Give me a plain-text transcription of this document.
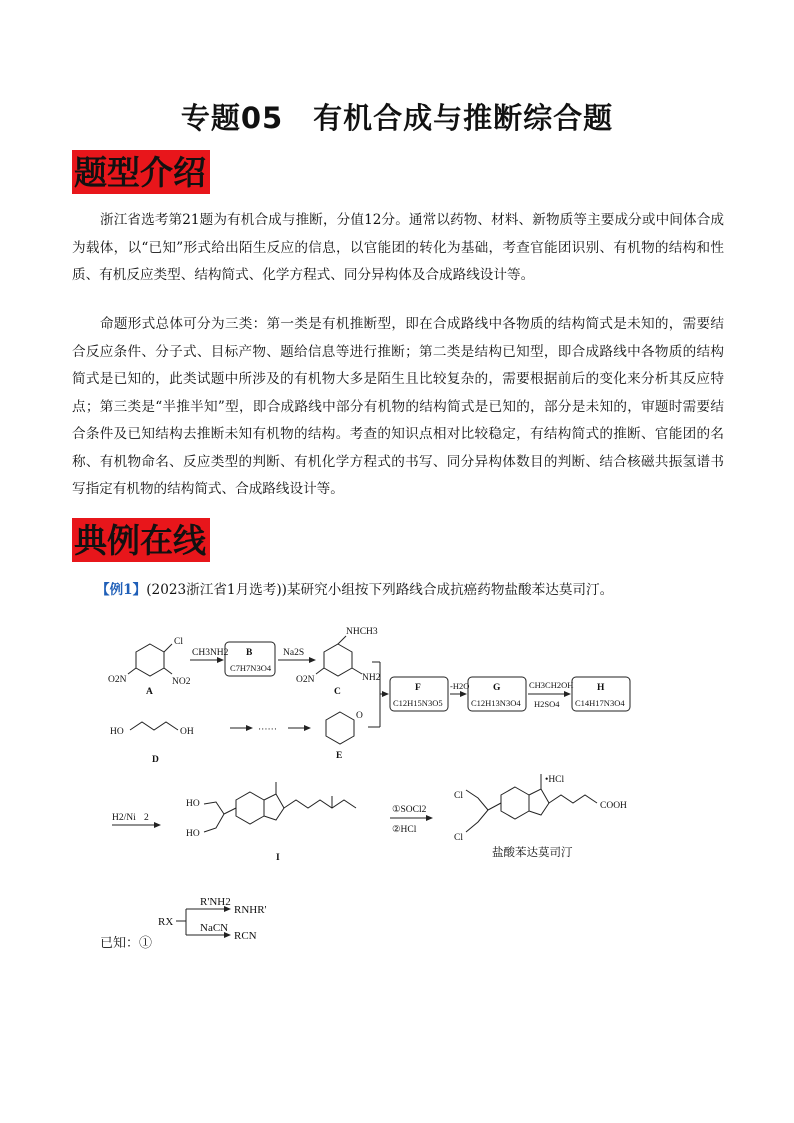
专题05　有机合成与推断综合题
题型介绍
浙江省选考第21题为有机合成与推断，分值12分。通常以药物、材料、新物质等主要成分或中间体合成为载体，以“已知”形式给出陌生反应的信息，以官能团的转化为基础，考查官能团识别、有机物的结构和性质、有机反应类型、结构简式、化学方程式、同分异构体及合成路线设计等。
命题形式总体可分为三类：第一类是有机推断型，即在合成路线中各物质的结构简式是未知的，需要结合反应条件、分子式、目标产物、题给信息等进行推断；第二类是结构已知型，即合成路线中各物质的结构简式是已知的，此类试题中所涉及的有机物大多是陌生且比较复杂的，需要根据前后的变化来分析其反应特点；第三类是“半推半知”型，即合成路线中部分有机物的结构简式是已知的，部分是未知的，审题时需要结合条件及已知结构去推断未知有机物的结构。考查的知识点相对比较稳定，有结构简式的推断、官能团的名称、有机物命名、反应类型的判断、有机化学方程式的书写、同分异构体数目的判断、结合核磁共振氢谱书写指定有机物的结构简式、合成路线设计等。
典例在线
【例1】(2023浙江省1月选考))某研究小组按下列路线合成抗癌药物盐酸苯达莫司汀。
Cl
NO2
O2N
A
CH3NH2 B
C7H7N3O4
Na2S
NHCH3
NH2
O2N
C	F
C12H15N3O5
-H2O G
C12H13N3O4
CH3CH2OH
H2SO4
H
C14H17N3O4
HO	OH
D
······
O
E
H2/Ni 2
HO
HO
I
①SOCl2
②HCl
Cl
Cl
•HCl
COOH
盐酸苯达莫司汀
RX
R'NH2
RNHR'
NaCN
RCN
已知：①
